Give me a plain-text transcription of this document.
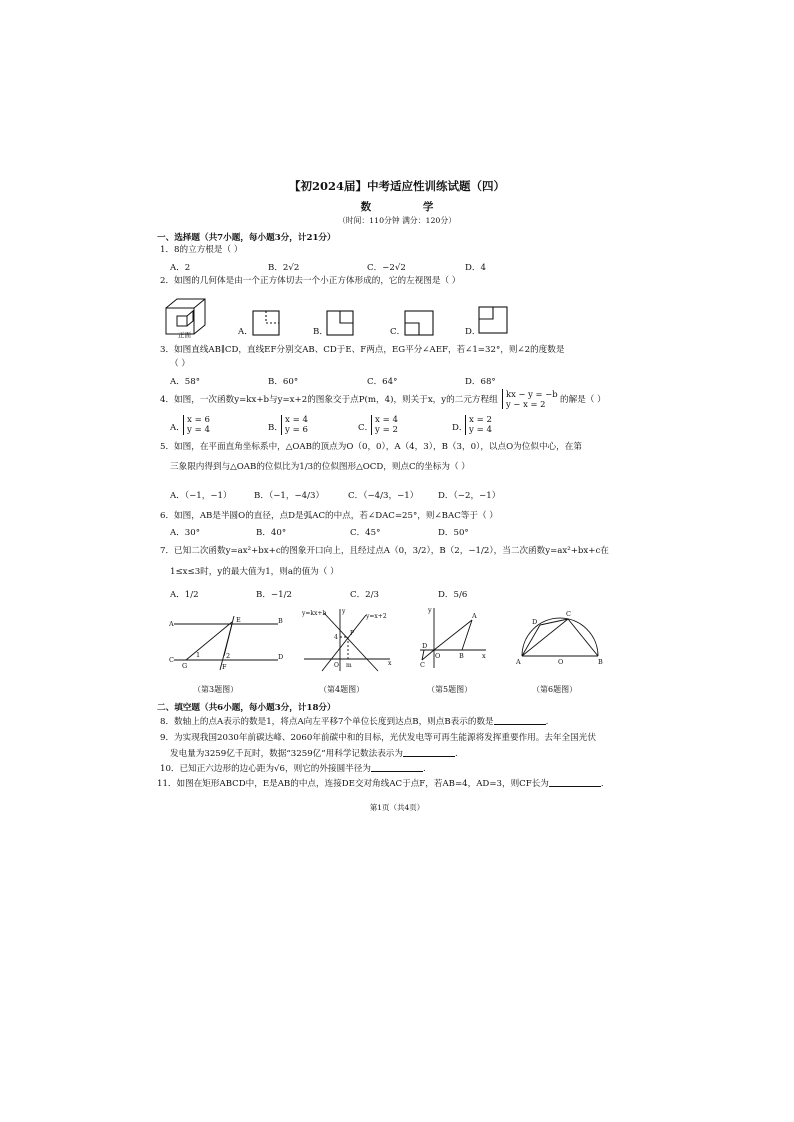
【初2024届】中考适应性训练试题（四）
数 学
（时间：110分钟 满分：120分）
一、选择题（共7小题，每小题3分，计21分）
1．8的立方根是（ ）
A．2	B．2√2	C．−2√2	D．4
2．如图的几何体是由一个正方体切去一个小正方体形成的，它的左视图是（ ）
正面	A．	B．	C．	D．
3．如图直线AB∥CD，直线EF分别交AB、CD于E、F两点，EG平分∠AEF，若∠1=32°，则∠2的度数是
（ ）
A．58°	B．60°	C．64°	D．68°
4．如图，一次函数y=kx+b与y=x+2的图象交于点P(m，4)，则关于x，y的二元方程组
kx − y = −b
y − x = 2	的解是（ ）
A．
x = 6
y = 4	B．
x = 4
y = 6	C．
x = 4
y = 2	D．
x = 2
y = 4
5．如图，在平面直角坐标系中，△OAB的顶点为O（0，0），A（4，3），B（3，0），以点O为位似中心，在第
三象限内得到与△OAB的位似比为1/3的位似图形△OCD，则点C的坐标为（ ）
A．（−1，−1）	B．（−1，−4/3）	C．（−4/3，−1） D．（−2，−1）
6．如图，AB是半圆O的直径，点D是弧AC的中点，若∠DAC=25°，则∠BAC等于（ ）
A．30°	B．40°	C．45°	D．50°
7．已知二次函数y=ax²+bx+c的图象开口向上，且经过点A（0，3/2），B（2，−1/2），当二次函数y=ax²+bx+c在
1≤x≤3时，y的最大值为1，则a的值为（ ）
A．1/2	B．−1/2	C．2/3	D．5/6
A	B
C	D
E
F
G
1	2
y=kx+b	y=x+2
P
4
O m	x
y	y
A
O	B	x
D
C	A	O	B
C
D
（第3题图）	（第4题图）	（第5题图）	（第6题图）
二、填空题（共6小题，每小题3分，计18分）
8．数轴上的点A表示的数是1，将点A向左平移7个单位长度到达点B，则点B表示的数是	.
9．为实现我国2030年前碳达峰、2060年前碳中和的目标，光伏发电等可再生能源将发挥重要作用。去年全国光伏
发电量为3259亿千瓦时，数据“3259亿”用科学记数法表示为	.
10．已知正六边形的边心距为√6，则它的外接圆半径为	.
11．如图在矩形ABCD中，E是AB的中点，连接DE交对角线AC于点F，若AB=4，AD=3，则CF长为	.
第1页（共4页）
